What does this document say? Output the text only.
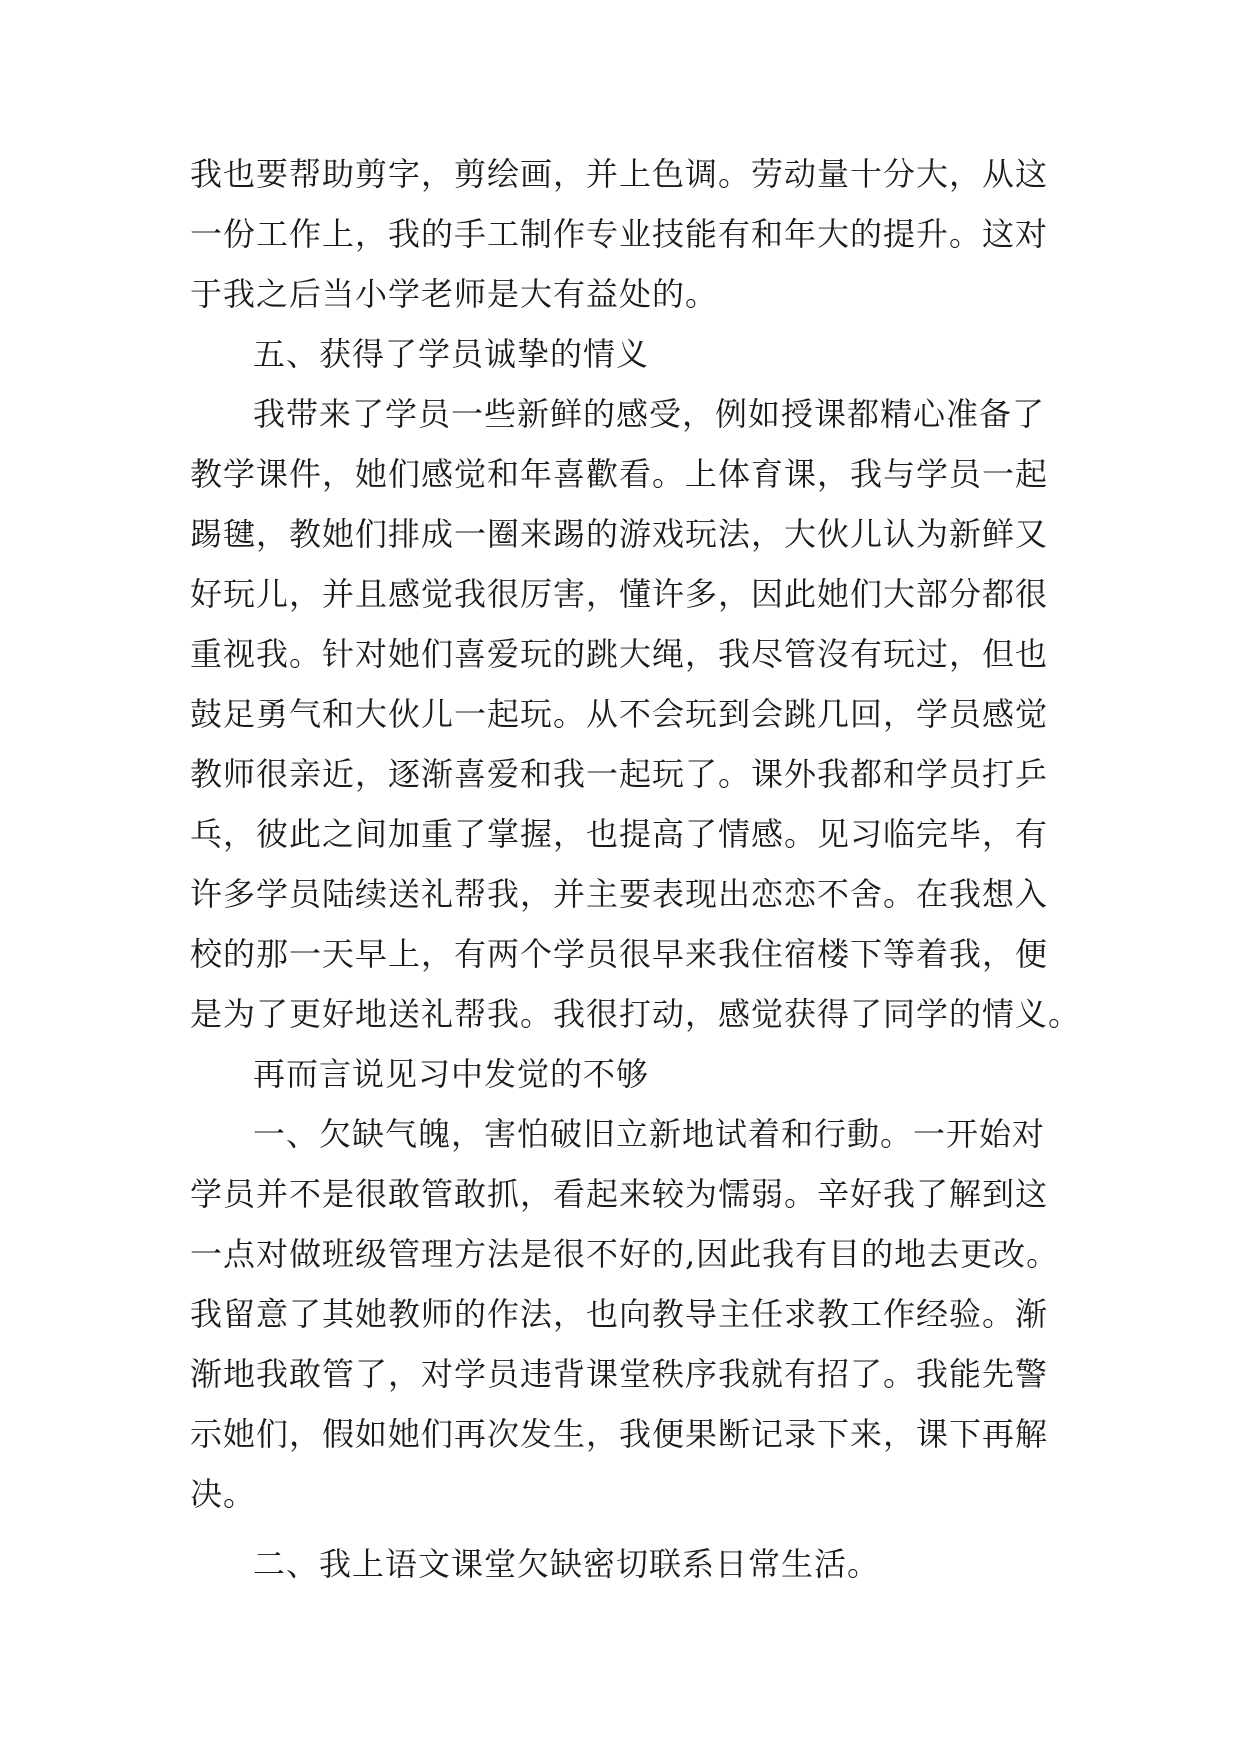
我也要帮助剪字，剪绘画，并上色调。劳动量十分大，从这
一份工作上，我的手工制作专业技能有和年大的提升。这对
于我之后当小学老师是大有益处的。
五、获得了学员诚挚的情义
我带来了学员一些新鲜的感受，例如授课都精心准备了
教学课件，她们感觉和年喜歡看。上体育课，我与学员一起
踢毽，教她们排成一圈来踢的游戏玩法，大伙儿认为新鲜又
好玩儿，并且感觉我很厉害，懂许多，因此她们大部分都很
重视我。针对她们喜爱玩的跳大绳，我尽管沒有玩过，但也
鼓足勇气和大伙儿一起玩。从不会玩到会跳几回，学员感觉
教师很亲近，逐渐喜爱和我一起玩了。课外我都和学员打乒
乓，彼此之间加重了掌握，也提高了情感。见习临完毕，有
许多学员陆续送礼帮我，并主要表现出恋恋不舍。在我想入
校的那一天早上，有两个学员很早来我住宿楼下等着我，便
是为了更好地送礼帮我。我很打动，感觉获得了同学的情义。
再而言说见习中发觉的不够
一、欠缺气魄，害怕破旧立新地试着和行動。一开始对
学员并不是很敢管敢抓，看起来较为懦弱。辛好我了解到这
一点对做班级管理方法是很不好的,因此我有目的地去更改。
我留意了其她教师的作法，也向教导主任求教工作经验。渐
渐地我敢管了，对学员违背课堂秩序我就有招了。我能先警
示她们，假如她们再次发生，我便果断记录下来，课下再解
决。
二、我上语文课堂欠缺密切联系日常生活。
